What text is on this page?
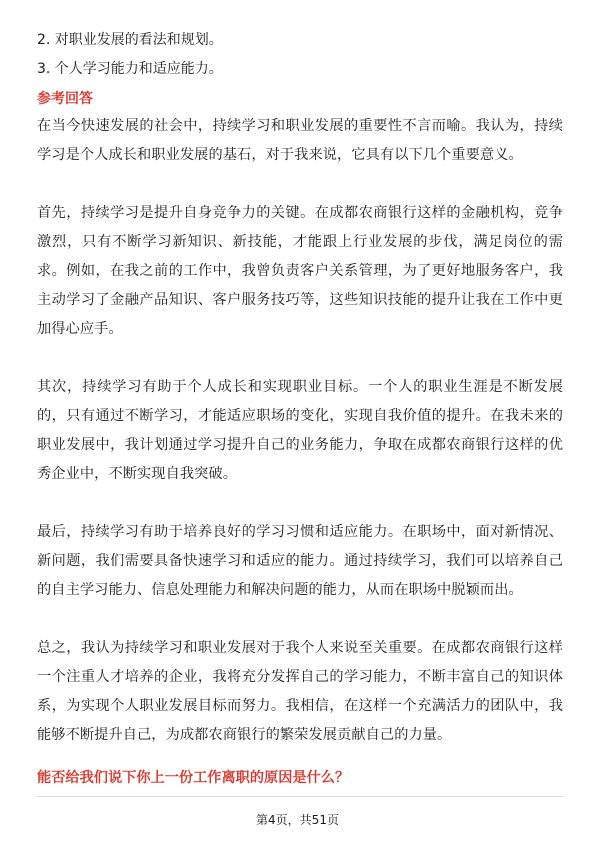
2. 对职业发展的看法和规划。
3. 个人学习能力和适应能力。
参考回答

在当今快速发展的社会中，持续学习和职业发展的重要性不言而喻。我认为，持续学习是个人成长和职业发展的基石，对于我来说，它具有以下几个重要意义。

首先，持续学习是提升自身竞争力的关键。在成都农商银行这样的金融机构，竞争激烈，只有不断学习新知识、新技能，才能跟上行业发展的步伐，满足岗位的需求。例如，在我之前的工作中，我曾负责客户关系管理，为了更好地服务客户，我主动学习了金融产品知识、客户服务技巧等，这些知识技能的提升让我在工作中更加得心应手。

其次，持续学习有助于个人成长和实现职业目标。一个人的职业生涯是不断发展的，只有通过不断学习，才能适应职场的变化，实现自我价值的提升。在我未来的职业发展中，我计划通过学习提升自己的业务能力，争取在成都农商银行这样的优秀企业中，不断实现自我突破。

最后，持续学习有助于培养良好的学习习惯和适应能力。在职场中，面对新情况、新问题，我们需要具备快速学习和适应的能力。通过持续学习，我们可以培养自己的自主学习能力、信息处理能力和解决问题的能力，从而在职场中脱颖而出。

总之，我认为持续学习和职业发展对于我个人来说至关重要。在成都农商银行这样一个注重人才培养的企业，我将充分发挥自己的学习能力，不断丰富自己的知识体系，为实现个人职业发展目标而努力。我相信，在这样一个充满活力的团队中，我能够不断提升自己，为成都农商银行的繁荣发展贡献自己的力量。

能否给我们说下你上一份工作离职的原因是什么？
第4页，共51页
